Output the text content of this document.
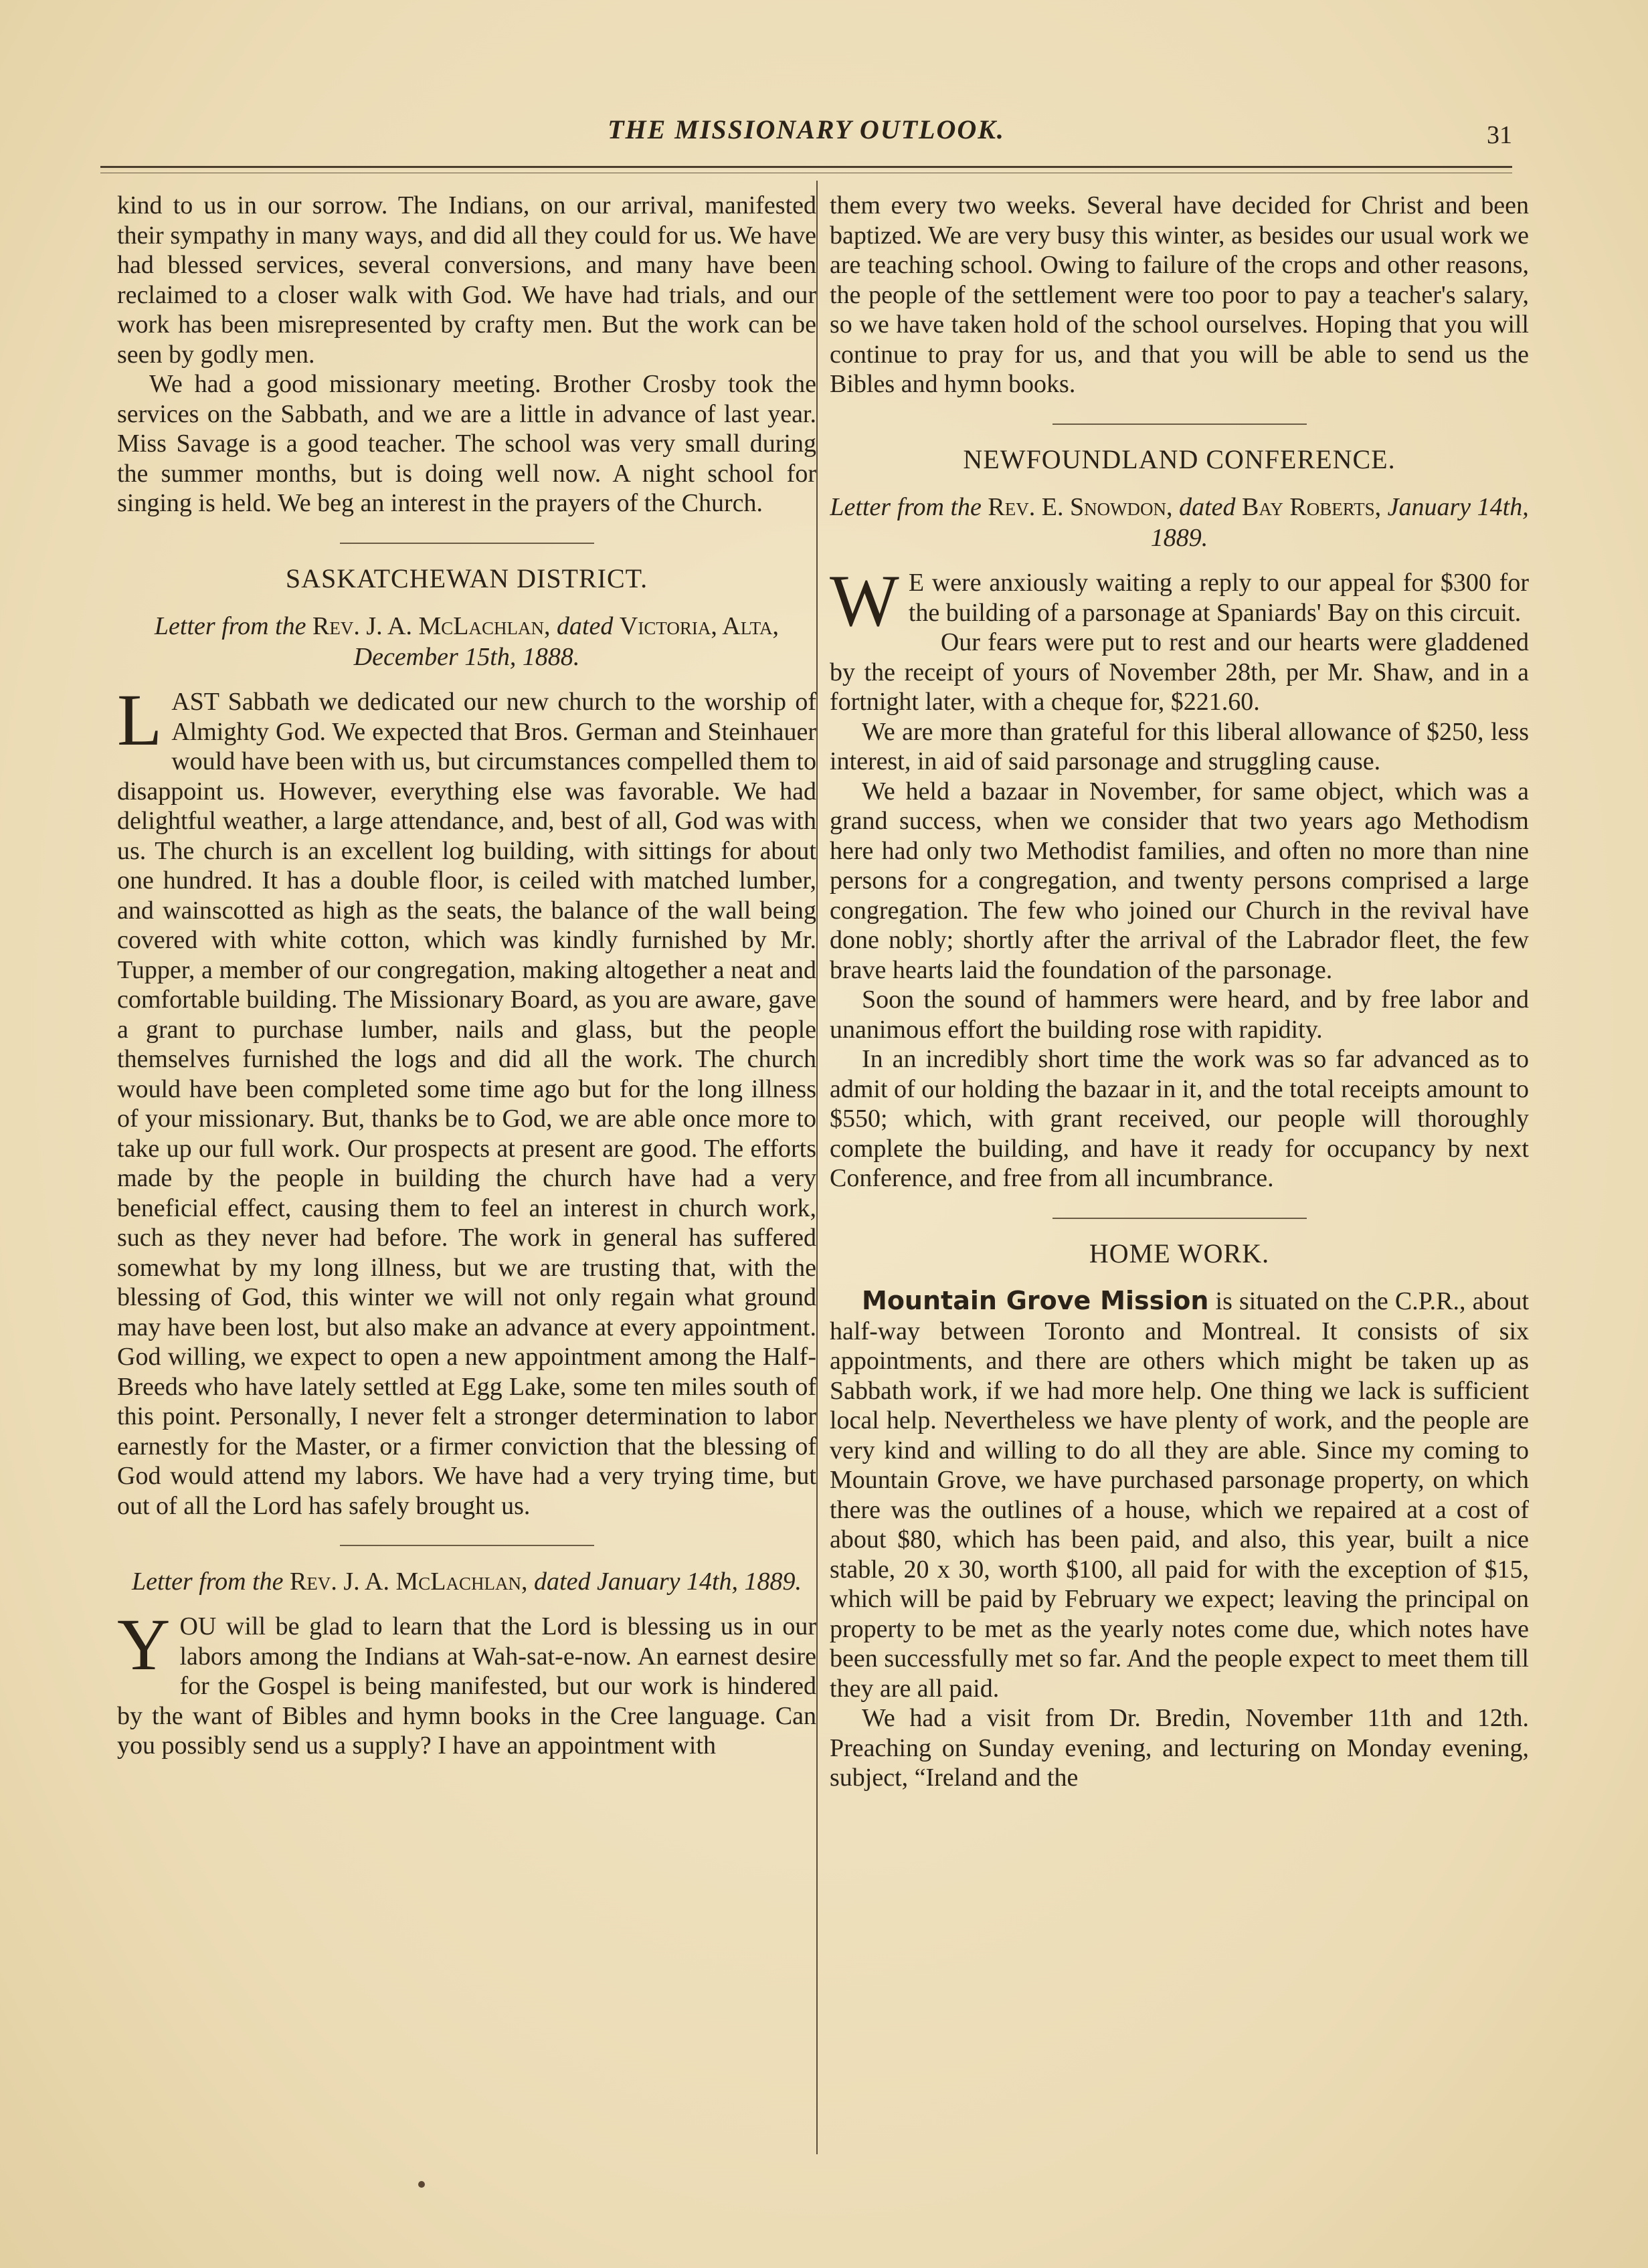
THE MISSIONARY OUTLOOK.	31

kind to us in our sorrow. The Indians, on our arrival, manifested their sympathy in many ways, and did all they could for us. We have had blessed services, several conversions, and many have been reclaimed to a closer walk with God. We have had trials, and our work has been misrepresented by crafty men. But the work can be seen by godly men.

We had a good missionary meeting. Brother Crosby took the services on the Sabbath, and we are a little in advance of last year. Miss Savage is a good teacher. The school was very small during the summer months, but is doing well now. A night school for singing is held. We beg an interest in the prayers of the Church.

SASKATCHEWAN DISTRICT.
Letter from the Rev. J. A. McLachlan, dated Victoria, Alta, December 15th, 1888.

LAST Sabbath we dedicated our new church to the worship of Almighty God. We expected that Bros. German and Steinhauer would have been with us, but circumstances compelled them to disappoint us. However, everything else was favorable. We had delightful weather, a large attendance, and, best of all, God was with us. The church is an excellent log building, with sittings for about one hundred. It has a double floor, is ceiled with matched lumber, and wainscotted as high as the seats, the balance of the wall being covered with white cotton, which was kindly furnished by Mr. Tupper, a member of our congregation, making altogether a neat and comfortable building. The Missionary Board, as you are aware, gave a grant to purchase lumber, nails and glass, but the people themselves furnished the logs and did all the work. The church would have been completed some time ago but for the long illness of your missionary. But, thanks be to God, we are able once more to take up our full work. Our prospects at present are good. The efforts made by the people in building the church have had a very beneficial effect, causing them to feel an interest in church work, such as they never had before. The work in general has suffered somewhat by my long illness, but we are trusting that, with the blessing of God, this winter we will not only regain what ground may have been lost, but also make an advance at every appointment. God willing, we expect to open a new appointment among the Half-Breeds who have lately settled at Egg Lake, some ten miles south of this point. Personally, I never felt a stronger determination to labor earnestly for the Master, or a firmer conviction that the blessing of God would attend my labors. We have had a very trying time, but out of all the Lord has safely brought us.

Letter from the Rev. J. A. McLachlan, dated January 14th, 1889.

YOU will be glad to learn that the Lord is blessing us in our labors among the Indians at Wah-sat-e-now. An earnest desire for the Gospel is being manifested, but our work is hindered by the want of Bibles and hymn books in the Cree language. Can you possibly send us a supply? I have an appointment with

them every two weeks. Several have decided for Christ and been baptized. We are very busy this winter, as besides our usual work we are teaching school. Owing to failure of the crops and other reasons, the people of the settlement were too poor to pay a teacher's salary, so we have taken hold of the school ourselves. Hoping that you will continue to pray for us, and that you will be able to send us the Bibles and hymn books.

NEWFOUNDLAND CONFERENCE.
Letter from the Rev. E. Snowdon, dated Bay Roberts, January 14th, 1889.

W E were anxiously waiting a reply to our appeal for $300 for the building of a parsonage at Spaniards' Bay on this circuit.

Our fears were put to rest and our hearts were gladdened by the receipt of yours of November 28th, per Mr. Shaw, and in a fortnight later, with a cheque for, $221.60.

We are more than grateful for this liberal allowance of $250, less interest, in aid of said parsonage and struggling cause.

We held a bazaar in November, for same object, which was a grand success, when we consider that two years ago Methodism here had only two Methodist families, and often no more than nine persons for a congregation, and twenty persons comprised a large congregation. The few who joined our Church in the revival have done nobly; shortly after the arrival of the Labrador fleet, the few brave hearts laid the foundation of the parsonage.

Soon the sound of hammers were heard, and by free labor and unanimous effort the building rose with rapidity.

In an incredibly short time the work was so far advanced as to admit of our holding the bazaar in it, and the total receipts amount to $550; which, with grant received, our people will thoroughly complete the building, and have it ready for occupancy by next Conference, and free from all incumbrance.

HOME WORK.

Mountain Grove Mission is situated on the C.P.R., about half-way between Toronto and Montreal. It consists of six appointments, and there are others which might be taken up as Sabbath work, if we had more help. One thing we lack is sufficient local help. Nevertheless we have plenty of work, and the people are very kind and willing to do all they are able. Since my coming to Mountain Grove, we have purchased parsonage property, on which there was the outlines of a house, which we repaired at a cost of about $80, which has been paid, and also, this year, built a nice stable, 20 x 30, worth $100, all paid for with the exception of $15, which will be paid by February we expect; leaving the principal on property to be met as the yearly notes come due, which notes have been successfully met so far. And the people expect to meet them till they are all paid.

We had a visit from Dr. Bredin, November 11th and 12th. Preaching on Sunday evening, and lecturing on Monday evening, subject, “Ireland and the
